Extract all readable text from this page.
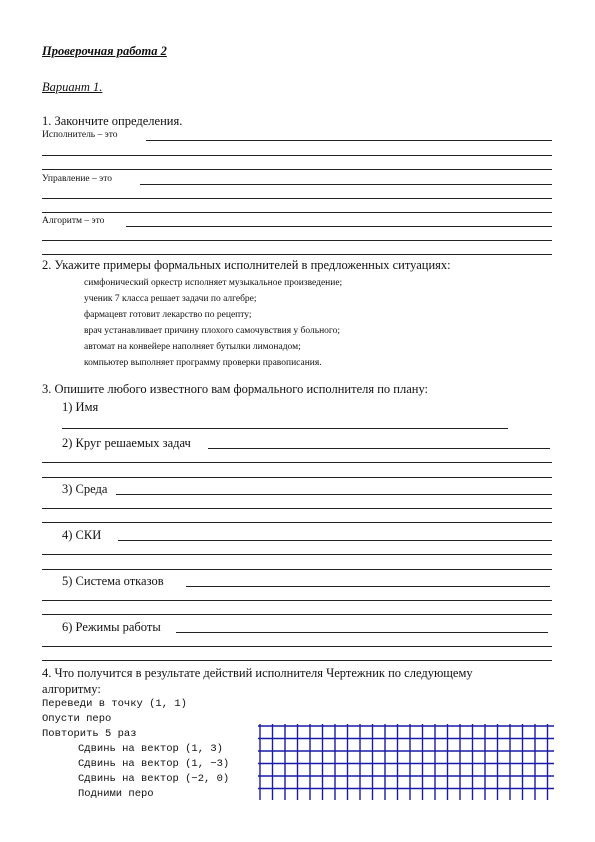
Проверочная работа 2
Вариант 1.
1. Закончите определения.
Исполнитель – это
Управление – это
Алгоритм – это
2. Укажите примеры формальных исполнителей в предложенных ситуациях:
симфонический оркестр исполняет музыкальное произведение;
ученик 7 класса решает задачи по алгебре;
фармацевт готовит лекарство по рецепту;
врач устанавливает причину плохого самочувствия у больного;
автомат на конвейере наполняет бутылки лимонадом;
компьютер выполняет программу проверки правописания.
3. Опишите любого известного вам формального исполнителя по плану:
1) Имя
2) Круг решаемых задач
3) Среда
4) СКИ
5) Система отказов
6) Режимы работы
4. Что получится в результате действий исполнителя Чертежник по следующему
алгоритму:
Переведи в точку (1, 1)
Опусти перо
Повторить 5 раз
Сдвинь на вектор (1, 3)
Сдвинь на вектор (1, −3)
Сдвинь на вектор (−2, 0)
Подними перо
